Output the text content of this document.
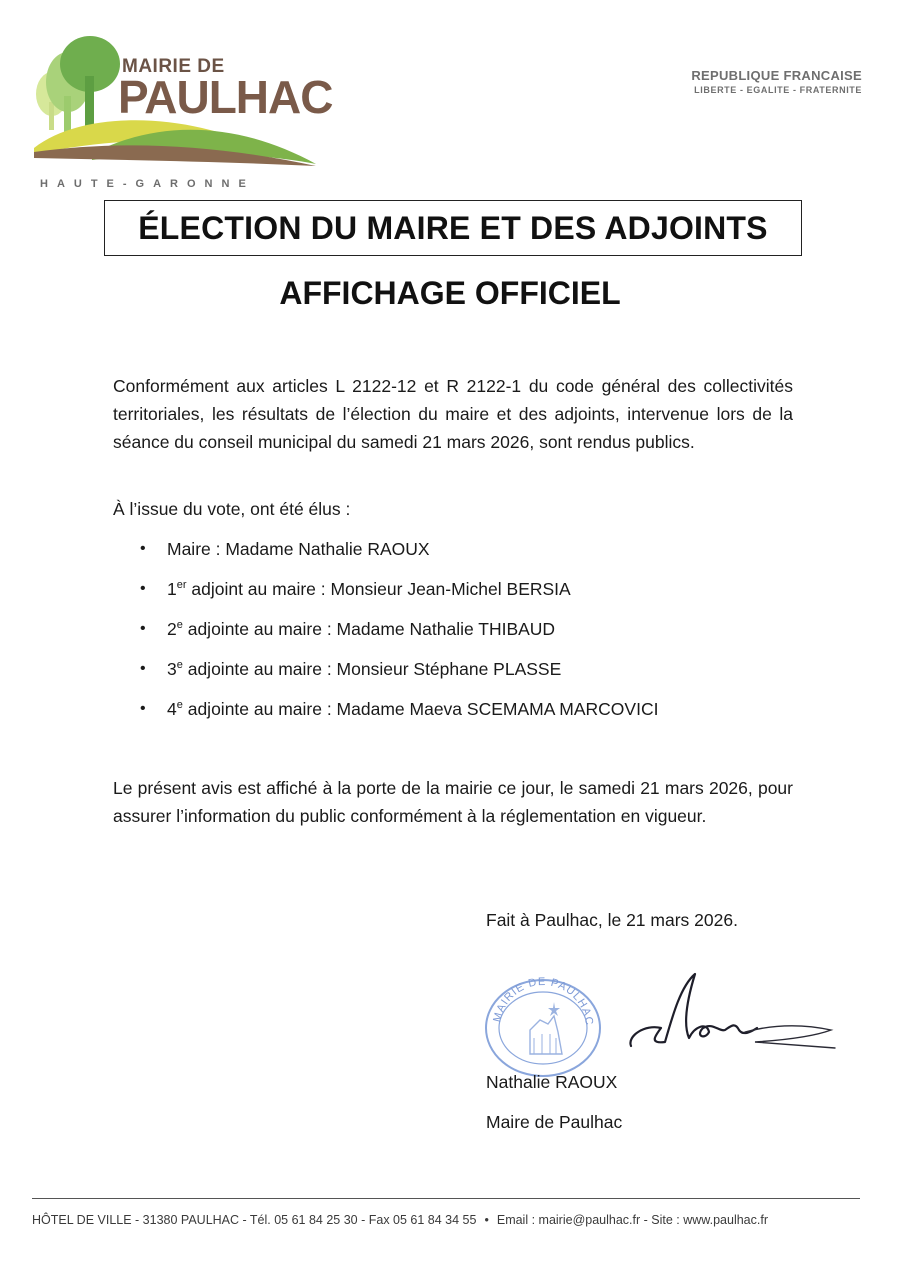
MAIRIE DE
PAULHAC
HAUTE-GARONNE
REPUBLIQUE FRANCAISE
LIBERTE - EGALITE - FRATERNITE
ÉLECTION DU MAIRE ET DES ADJOINTS
AFFICHAGE OFFICIEL

Conformément aux articles L 2122-12 et R 2122-1 du code général des collectivités territoriales, les résultats de l’élection du maire et des adjoints, intervenue lors de la séance du conseil municipal du samedi 21 mars 2026, sont rendus publics.

À l’issue du vote, ont été élus :

• Maire : Madame Nathalie RAOUX
• 1er adjoint au maire : Monsieur Jean-Michel BERSIA
• 2e adjointe au maire : Madame Nathalie THIBAUD
• 3e adjointe au maire : Monsieur Stéphane PLASSE
• 4e adjointe au maire : Madame Maeva SCEMAMA MARCOVICI

Le présent avis est affiché à la porte de la mairie ce jour, le samedi 21 mars 2026, pour assurer l’information du public conformément à la réglementation en vigueur.

Fait à Paulhac, le 21 mars 2026.
MAIRIE DE PAULHAC
Nathalie RAOUX
Maire de Paulhac
HÔTEL DE VILLE - 31380 PAULHAC - Tél. 05 61 84 25 30 - Fax 05 61 84 34 55 • Email : mairie@paulhac.fr - Site : www.paulhac.fr
